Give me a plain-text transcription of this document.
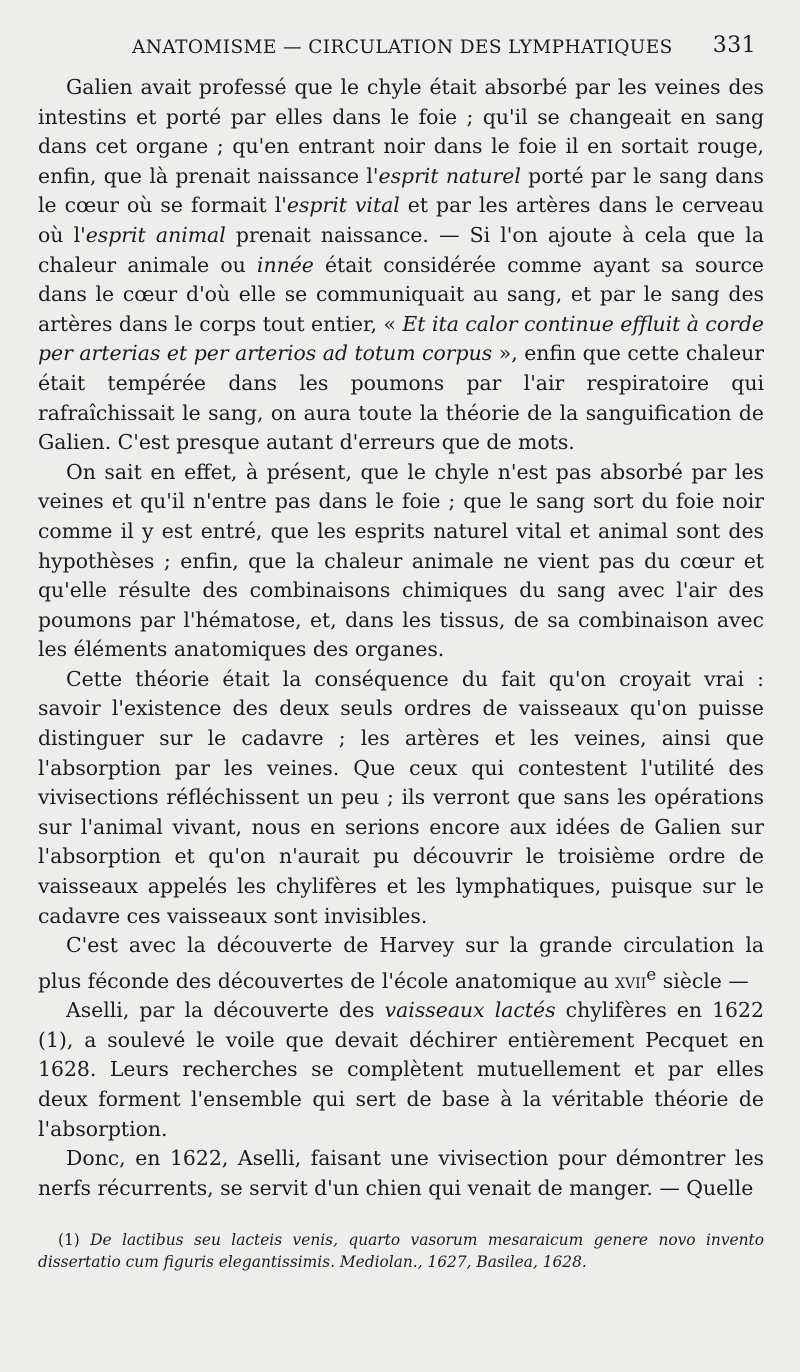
ANATOMISME — CIRCULATION DES LYMPHATIQUES 331

Galien avait professé que le chyle était absorbé par les veines des intestins et porté par elles dans le foie ; qu'il se changeait en sang dans cet organe ; qu'en entrant noir dans le foie il en sortait rouge, enfin, que là prenait naissance l'esprit naturel porté par le sang dans le cœur où se formait l'esprit vital et par les artères dans le cerveau où l'esprit animal prenait naissance. — Si l'on ajoute à cela que la chaleur animale ou innée était considérée comme ayant sa source dans le cœur d'où elle se communiquait au sang, et par le sang des artères dans le corps tout entier, « Et ita calor continue effluit à corde per arterias et per arterios ad totum corpus », enfin que cette chaleur était tempérée dans les poumons par l'air respiratoire qui rafraîchissait le sang, on aura toute la théorie de la sanguification de Galien. C'est presque autant d'erreurs que de mots.

On sait en effet, à présent, que le chyle n'est pas absorbé par les veines et qu'il n'entre pas dans le foie ; que le sang sort du foie noir comme il y est entré, que les esprits naturel vital et animal sont des hypothèses ; enfin, que la chaleur animale ne vient pas du cœur et qu'elle résulte des combinaisons chimiques du sang avec l'air des poumons par l'hématose, et, dans les tissus, de sa combinaison avec les éléments anatomiques des organes.

Cette théorie était la conséquence du fait qu'on croyait vrai : savoir l'existence des deux seuls ordres de vaisseaux qu'on puisse distinguer sur le cadavre ; les artères et les veines, ainsi que l'absorption par les veines. Que ceux qui contestent l'utilité des vivisections réfléchissent un peu ; ils verront que sans les opérations sur l'animal vivant, nous en serions encore aux idées de Galien sur l'absorption et qu'on n'aurait pu découvrir le troisième ordre de vaisseaux appelés les chylifères et les lymphatiques, puisque sur le cadavre ces vaisseaux sont invisibles.

C'est avec la découverte de Harvey sur la grande circulation la plus féconde des découvertes de l'école anatomique au xvii$^e$ siècle —

Aselli, par la découverte des vaisseaux lactés chylifères en 1622 (1), a soulevé le voile que devait déchirer entièrement Pecquet en 1628. Leurs recherches se complètent mutuellement et par elles deux forment l'ensemble qui sert de base à la véritable théorie de l'absorption.

Donc, en 1622, Aselli, faisant une vivisection pour démontrer les nerfs récurrents, se servit d'un chien qui venait de manger. — Quelle

(1) De lactibus seu lacteis venis, quarto vasorum mesaraicum genere novo invento dissertatio cum figuris elegantissimis. Mediolan., 1627, Basilea, 1628.
